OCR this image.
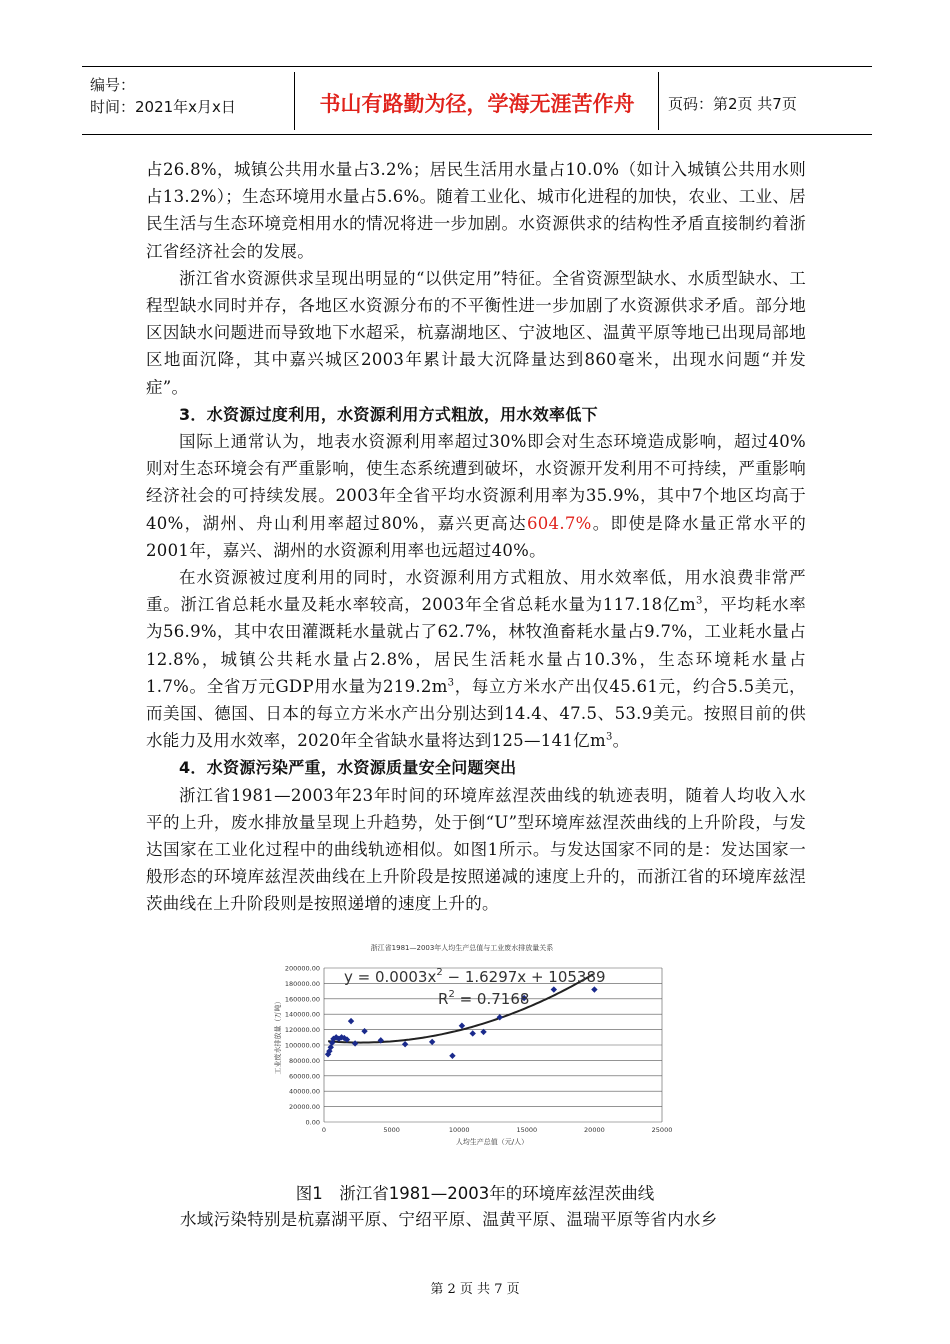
编号：
时间：2021年x月x日	书山有路勤为径，学海无涯苦作舟	页码：第2页 共7页

占26.8%，城镇公共用水量占3.2%；居民生活用水量占10.0%（如计入城镇公共用水则占13.2%）；生态环境用水量占5.6%。随着工业化、城市化进程的加快，农业、工业、居民生活与生态环境竞相用水的情况将进一步加剧。水资源供求的结构性矛盾直接制约着浙江省经济社会的发展。

浙江省水资源供求呈现出明显的“以供定用”特征。全省资源型缺水、水质型缺水、工程型缺水同时并存，各地区水资源分布的不平衡性进一步加剧了水资源供求矛盾。部分地区因缺水问题进而导致地下水超采，杭嘉湖地区、宁波地区、温黄平原等地已出现局部地区地面沉降，其中嘉兴城区2003年累计最大沉降量达到860毫米，出现水问题“并发症”。

3．水资源过度利用，水资源利用方式粗放，用水效率低下

国际上通常认为，地表水资源利用率超过30%即会对生态环境造成影响，超过40%则对生态环境会有严重影响，使生态系统遭到破坏，水资源开发利用不可持续，严重影响经济社会的可持续发展。2003年全省平均水资源利用率为35.9%，其中7个地区均高于40%，湖州、舟山利用率超过80%，嘉兴更高达604.7%。即使是降水量正常水平的2001年，嘉兴、湖州的水资源利用率也远超过40%。

在水资源被过度利用的同时，水资源利用方式粗放、用水效率低，用水浪费非常严重。浙江省总耗水量及耗水率较高，2003年全省总耗水量为117.18亿$m^3$，平均耗水率为56.9%，其中农田灌溉耗水量就占了62.7%，林牧渔畜耗水量占9.7%，工业耗水量占12.8%，城镇公共耗水量占2.8%，居民生活耗水量占10.3%，生态环境耗水量占1.7%。全省万元GDP用水量为$219.2m^3$，每立方米水产出仅45.61元，约合5.5美元，而美国、德国、日本的每立方米水产出分别达到14.4、47.5、53.9美元。按照目前的供水能力及用水效率，2020年全省缺水量将达到125—141亿$m^3$。

4．水资源污染严重，水资源质量安全问题突出

浙江省1981—2003年23年时间的环境库兹涅茨曲线的轨迹表明，随着人均收入水平的上升，废水排放量呈现上升趋势，处于倒“U”型环境库兹涅茨曲线的上升阶段，与发达国家在工业化过程中的曲线轨迹相似。如图1所示。与发达国家不同的是：发达国家一般形态的环境库兹涅茨曲线在上升阶段是按照递减的速度上升的，而浙江省的环境库兹涅茨曲线在上升阶段则是按照递增的速度上升的。

浙江省1981—2003年人均生产总值与工业废水排放量关系
0.00
20000.00
40000.00
60000.00
80000.00
100000.00
120000.00
140000.00
160000.00
180000.00
200000.00
0	5000	10000	15000	20000	25000
$y = 0.0003x^2 - 1.6297x + 105389$
$R^2 = 0.7168$
人均生产总值（元/人）
工业废水排放量（万吨）
图1　浙江省1981—2003年的环境库兹涅茨曲线
水域污染特别是杭嘉湖平原、宁绍平原、温黄平原、温瑞平原等省内水乡
第 2 页 共 7 页
